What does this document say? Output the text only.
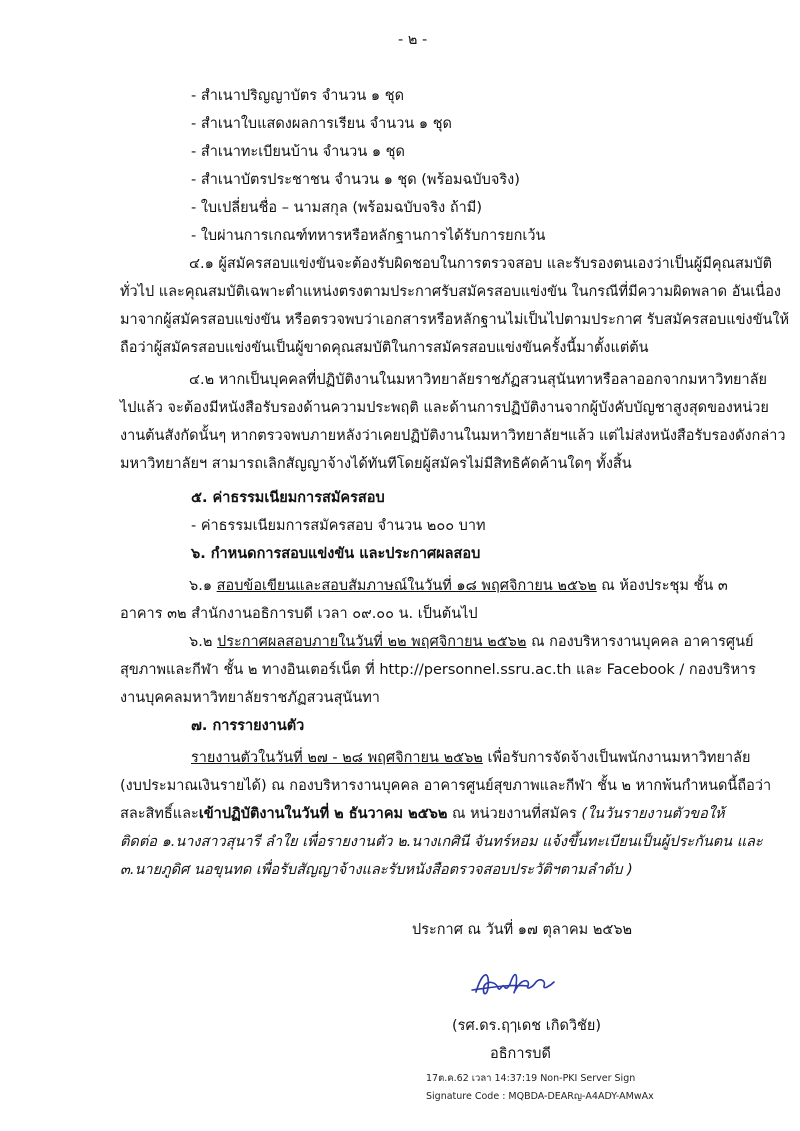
- ๒ -
- สำเนาปริญญาบัตร จำนวน ๑ ชุด
- สำเนาใบแสดงผลการเรียน จำนวน ๑ ชุด
- สำเนาทะเบียนบ้าน จำนวน ๑ ชุด
- สำเนาบัตรประชาชน จำนวน ๑ ชุด (พร้อมฉบับจริง)
- ใบเปลี่ยนชื่อ – นามสกุล (พร้อมฉบับจริง ถ้ามี)
- ใบผ่านการเกณฑ์ทหารหรือหลักฐานการได้รับการยกเว้น
๔.๑ ผู้สมัครสอบแข่งขันจะต้องรับผิดชอบในการตรวจสอบ และรับรองตนเองว่าเป็นผู้มีคุณสมบัติ
ทั่วไป และคุณสมบัติเฉพาะตำแหน่งตรงตามประกาศรับสมัครสอบแข่งขัน ในกรณีที่มีความผิดพลาด อันเนื่อง
มาจากผู้สมัครสอบแข่งขัน หรือตรวจพบว่าเอกสารหรือหลักฐานไม่เป็นไปตามประกาศ รับสมัครสอบแข่งขันให้
ถือว่าผู้สมัครสอบแข่งขันเป็นผู้ขาดคุณสมบัติในการสมัครสอบแข่งขันครั้งนี้มาตั้งแต่ต้น
๔.๒ หากเป็นบุคคลที่ปฏิบัติงานในมหาวิทยาลัยราชภัฏสวนสุนันทาหรือลาออกจากมหาวิทยาลัย
ไปแล้ว จะต้องมีหนังสือรับรองด้านความประพฤติ และด้านการปฏิบัติงานจากผู้บังคับบัญชาสูงสุดของหน่วย
งานต้นสังกัดนั้นๆ หากตรวจพบภายหลังว่าเคยปฏิบัติงานในมหาวิทยาลัยฯแล้ว แต่ไม่ส่งหนังสือรับรองดังกล่าว
มหาวิทยาลัยฯ สามารถเลิกสัญญาจ้างได้ทันทีโดยผู้สมัครไม่มีสิทธิคัดค้านใดๆ ทั้งสิ้น
๕. ค่าธรรมเนียมการสมัครสอบ
- ค่าธรรมเนียมการสมัครสอบ จำนวน ๒๐๐ บาท
๖. กำหนดการสอบแข่งขัน และประกาศผลสอบ
๖.๑ สอบข้อเขียนและสอบสัมภาษณ์ในวันที่ ๑๘ พฤศจิกายน ๒๕๖๒ ณ ห้องประชุม ชั้น ๓
อาคาร ๓๒ สำนักงานอธิการบดี เวลา ๐๙.๐๐ น. เป็นต้นไป
๖.๒ ประกาศผลสอบภายในวันที่ ๒๒ พฤศจิกายน ๒๕๖๒ ณ กองบริหารงานบุคคล อาคารศูนย์
สุขภาพและกีฬา ชั้น ๒ ทางอินเตอร์เน็ต ที่ http://personnel.ssru.ac.th และ Facebook / กองบริหาร
งานบุคคลมหาวิทยาลัยราชภัฏสวนสุนันทา
๗. การรายงานตัว
รายงานตัวในวันที่ ๒๗ - ๒๘ พฤศจิกายน ๒๕๖๒ เพื่อรับการจัดจ้างเป็นพนักงานมหาวิทยาลัย
(งบประมาณเงินรายได้) ณ กองบริหารงานบุคคล อาคารศูนย์สุขภาพและกีฬา ชั้น ๒ หากพ้นกำหนดนี้ถือว่า
สละสิทธิ์และเข้าปฏิบัติงานในวันที่ ๒ ธันวาคม ๒๕๖๒ ณ หน่วยงานที่สมัคร (ในวันรายงานตัวขอให้
ติดต่อ ๑.นางสาวสุนารี ลำใย เพื่อรายงานตัว ๒.นางเกศินี จันทร์หอม แจ้งขึ้นทะเบียนเป็นผู้ประกันตน และ
๓.นายภูดิศ นอขุนทด เพื่อรับสัญญาจ้างและรับหนังสือตรวจสอบประวัติฯตามลำดับ )
ประกาศ ณ วันที่ ๑๗ ตุลาคม ๒๕๖๒
(รศ.ดร.ฤๅเดช เกิดวิชัย)
อธิการบดี
17ต.ค.62 เวลา 14:37:19 Non-PKI Server Sign
Signature Code : MQBDA-DEARญ-A4ADY-AMwAx
